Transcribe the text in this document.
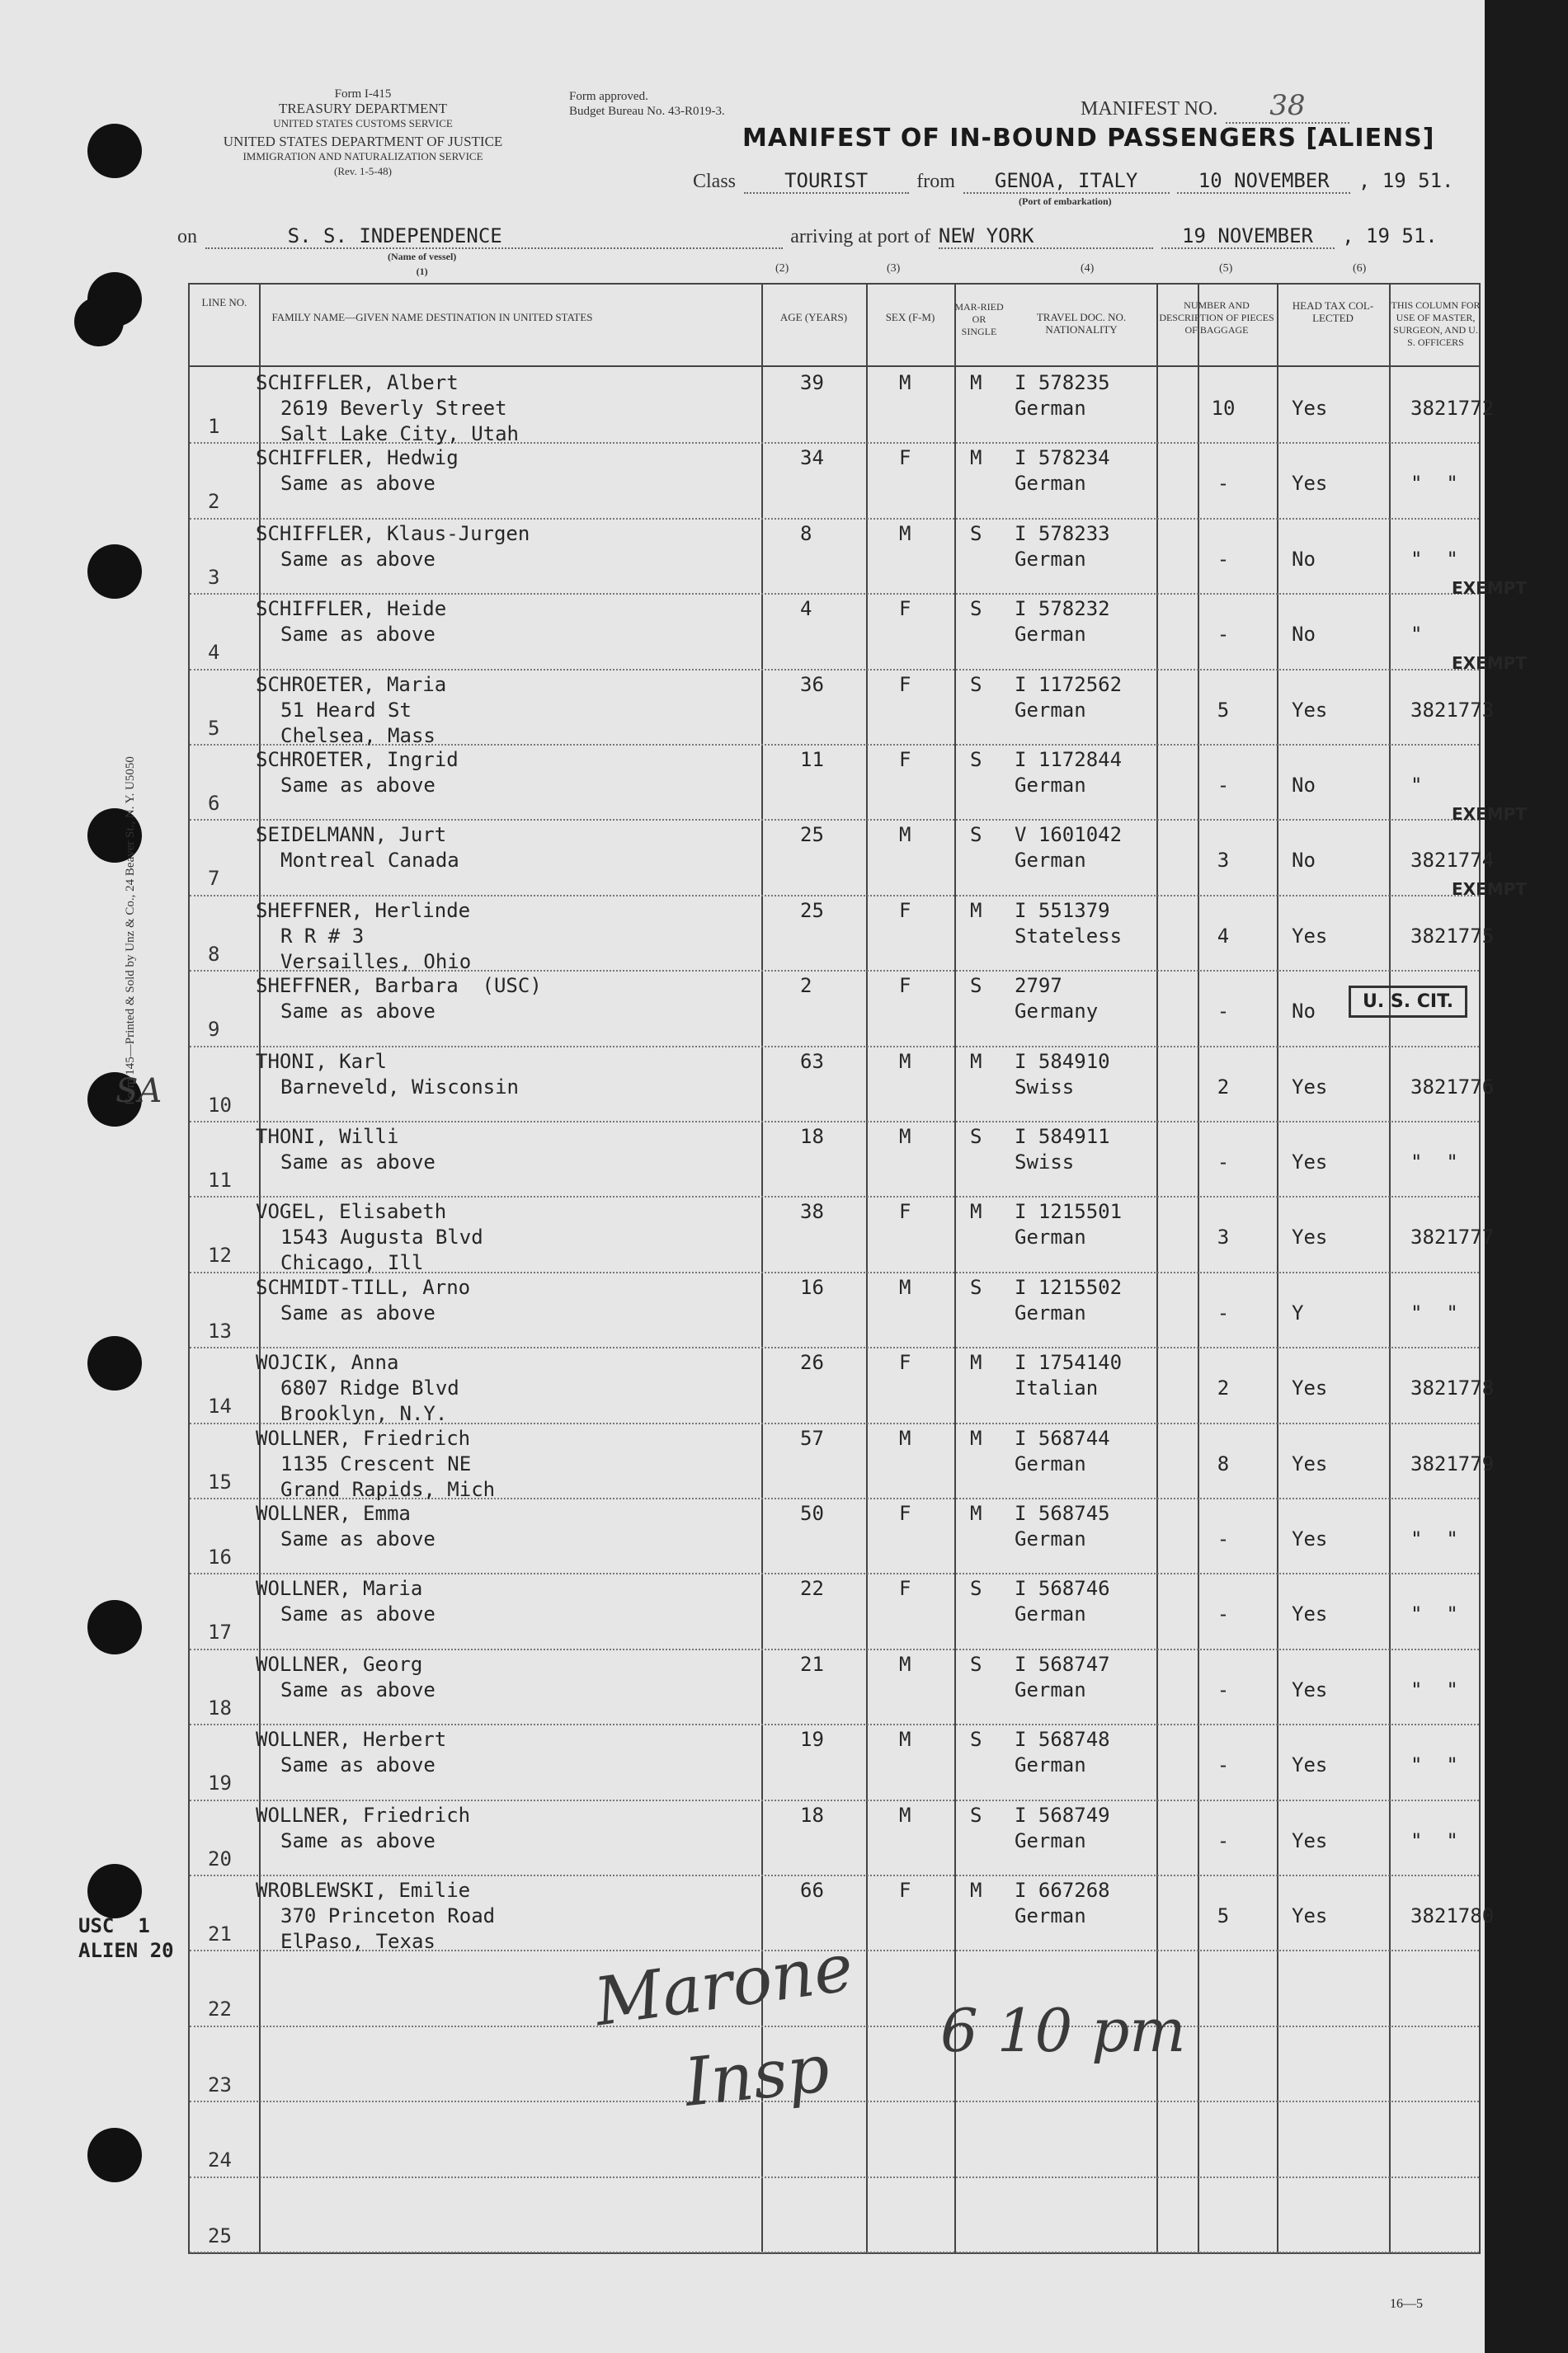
Form 145—Printed & Sold by Unz & Co., 24 Beaver St., N. Y. U5050
Form I-415
TREASURY DEPARTMENT
UNITED STATES CUSTOMS SERVICE
UNITED STATES DEPARTMENT OF JUSTICE
IMMIGRATION AND NATURALIZATION SERVICE
(Rev. 1-5-48)
Form approved.
Budget Bureau No. 43-R019-3.	MANIFEST NO. 38
MANIFEST OF IN-BOUND PASSENGERS [ALIENS]
Class TOURIST from GENOA, ITALY	10 NOVEMBER , 19 51.
(Port of embarkation)
on	S. S. INDEPENDENCE	arriving at port of NEW YORK	19 NOVEMBER , 19 51.
(Name of vessel)
(1)	(2)	(3)	(4)	(5)	(6)
LINE NO.
FAMILY NAME—GIVEN NAME DESTINATION IN UNITED STATES	AGE (YEARS)	SEX (F-M)
MAR-RIED OR SINGLE
TRAVEL DOC. NO. NATIONALITY
NUMBER AND DESCRIPTION OF PIECES OF BAGGAGE
HEAD TAX COL-LECTED
THIS COLUMN FOR USE OF MASTER, SURGEON, AND U. S. OFFICERS
1
SCHIFFLER, Albert
2619 Beverly Street
Salt Lake City, Utah
39	M	M I 578235
German	10	Yes	3821772
2
SCHIFFLER, Hedwig
Same as above
34	F	M I 578234
German	-	Yes	"  "
3
SCHIFFLER, Klaus-Jurgen
Same as above
8	M	S I 578233
German	-	No	"  "
EXEMPT
4
SCHIFFLER, Heide
Same as above
4	F	S I 578232
German	-	No	"
EXEMPT
5
SCHROETER, Maria
51 Heard St
Chelsea, Mass
36	F	S I 1172562
German	5	Yes	3821773
6
SCHROETER, Ingrid
Same as above
11	F	S I 1172844
German	-	No	"
EXEMPT
7
SEIDELMANN, Jurt
Montreal Canada
25	M	S V 1601042
German	3	No	3821774
EXEMPT
8
SHEFFNER, Herlinde
R R # 3
Versailles, Ohio
25	F	M I 551379
Stateless	4	Yes	3821775
9
SHEFFNER, Barbara  (USC)
Same as above
2	F	S 2797
Germany	-	No
10
THONI, Karl
Barneveld, Wisconsin
63	M	M I 584910
Swiss	2	Yes	3821776
11
THONI, Willi
Same as above
18	M	S I 584911
Swiss	-	Yes	"  "
12
VOGEL, Elisabeth
1543 Augusta Blvd
Chicago, Ill
38	F	M I 1215501
German	3	Yes	3821777
13
SCHMIDT-TILL, Arno
Same as above
16	M	S I 1215502
German	-	Y	"  "
14
WOJCIK, Anna
6807 Ridge Blvd
Brooklyn, N.Y.
26	F	M I 1754140
Italian	2	Yes	3821778
15
WOLLNER, Friedrich
1135 Crescent NE
Grand Rapids, Mich
57	M	M I 568744
German	8	Yes	3821779
16
WOLLNER, Emma
Same as above
50	F	M I 568745
German	-	Yes	"  "
17
WOLLNER, Maria
Same as above
22	F	S I 568746
German	-	Yes	"  "
18
WOLLNER, Georg
Same as above
21	M	S I 568747
German	-	Yes	"  "
19
WOLLNER, Herbert
Same as above
19	M	S I 568748
German	-	Yes	"  "
20
WOLLNER, Friedrich
Same as above
18	M	S I 568749
German	-	Yes	"  "
21
WROBLEWSKI, Emilie
370 Princeton Road
ElPaso, Texas
66	F	M I 667268
German	5	Yes	3821780
22
23
24
25
U. S. CIT.
SA
USC 1
ALIEN 20	Marone
Insp 6 10 pm
16—5
